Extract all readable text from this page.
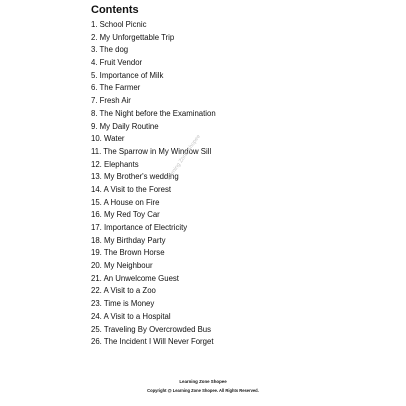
Contents
1. School Picnic
2. My Unforgettable Trip
3. The dog
4. Fruit Vendor
5. Importance of Milk
6. The Farmer
7. Fresh Air
8. The Night before the Examination
9. My Daily Routine
10. Water
11. The Sparrow in My Window Sill
12. Elephants
13. My Brother's wedding
14. A Visit to the Forest
15. A House on Fire
16. My Red Toy Car
17. Importance of Electricity
18. My Birthday Party
19. The Brown Horse
20. My Neighbour
21. An Unwelcome Guest
22. A Visit to a Zoo
23. Time is Money
24. A Visit to a Hospital
25. Traveling By Overcrowded Bus
26. The Incident I Will Never Forget
learning Zone Shopee
Learning Zone Shopee
Copyright @ Learning Zone Shopee. All Rights Reserved.
